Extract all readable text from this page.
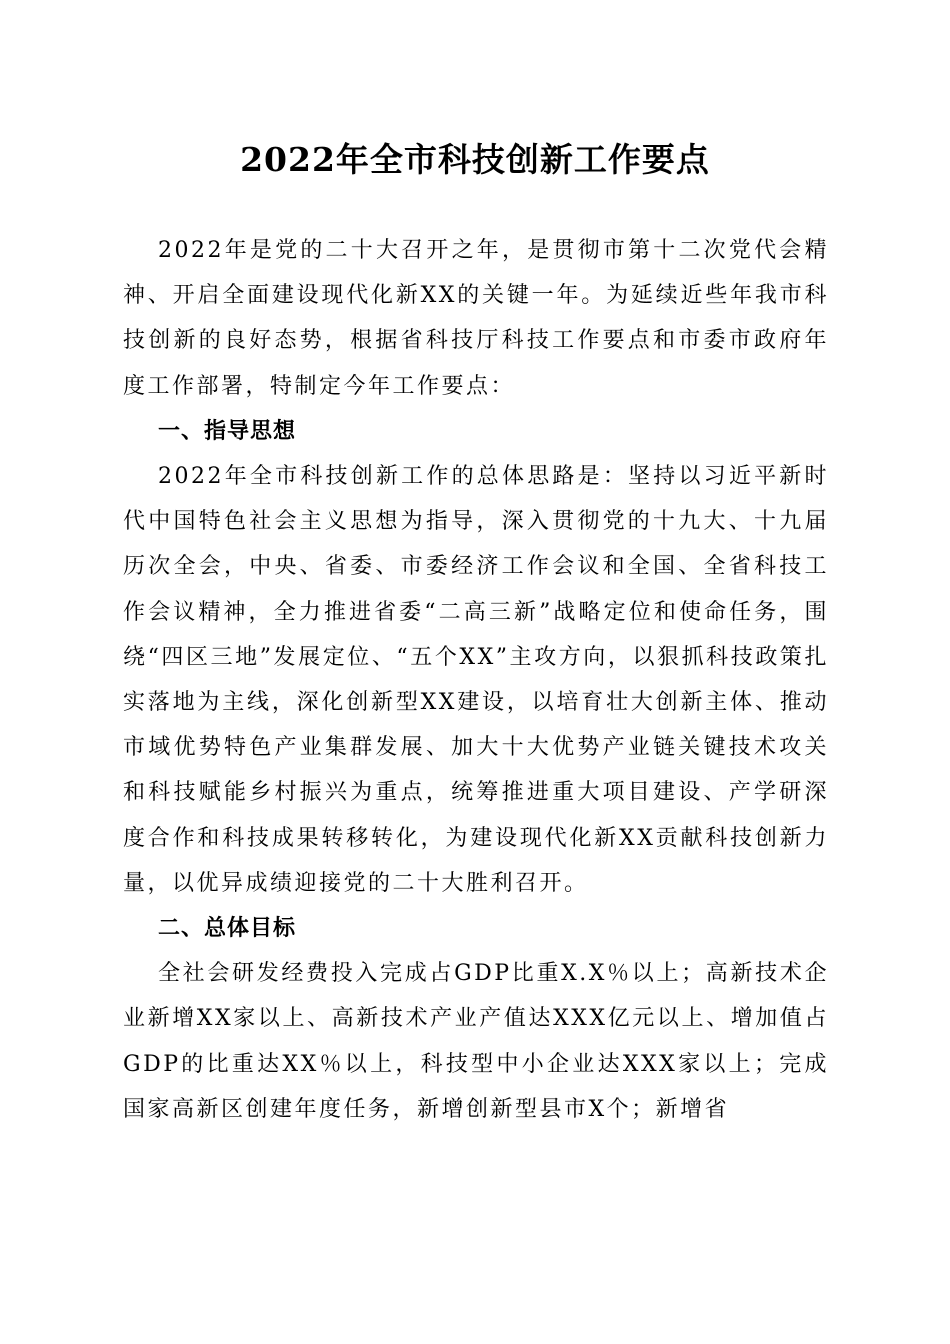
2022年全市科技创新工作要点

2022年是党的二十大召开之年，是贯彻市第十二次党代会精神、开启全面建设现代化新XX的关键一年。为延续近些年我市科技创新的良好态势，根据省科技厅科技工作要点和市委市政府年度工作部署，特制定今年工作要点：

一、指导思想

2022年全市科技创新工作的总体思路是：坚持以习近平新时代中国特色社会主义思想为指导，深入贯彻党的十九大、十九届历次全会，中央、省委、市委经济工作会议和全国、全省科技工作会议精神，全力推进省委“二高三新”战略定位和使命任务，围绕“四区三地”发展定位、“五个XX”主攻方向，以狠抓科技政策扎实落地为主线，深化创新型XX建设，以培育壮大创新主体、推动市域优势特色产业集群发展、加大十大优势产业链关键技术攻关和科技赋能乡村振兴为重点，统筹推进重大项目建设、产学研深度合作和科技成果转移转化，为建设现代化新XX贡献科技创新力量，以优异成绩迎接党的二十大胜利召开。

二、总体目标

全社会研发经费投入完成占GDP比重X.X％以上；高新技术企业新增XX家以上、高新技术产业产值达XXX亿元以上、增加值占GDP的比重达XX％以上，科技型中小企业达XXX家以上；完成国家高新区创建年度任务，新增创新型县市X个；新增省
